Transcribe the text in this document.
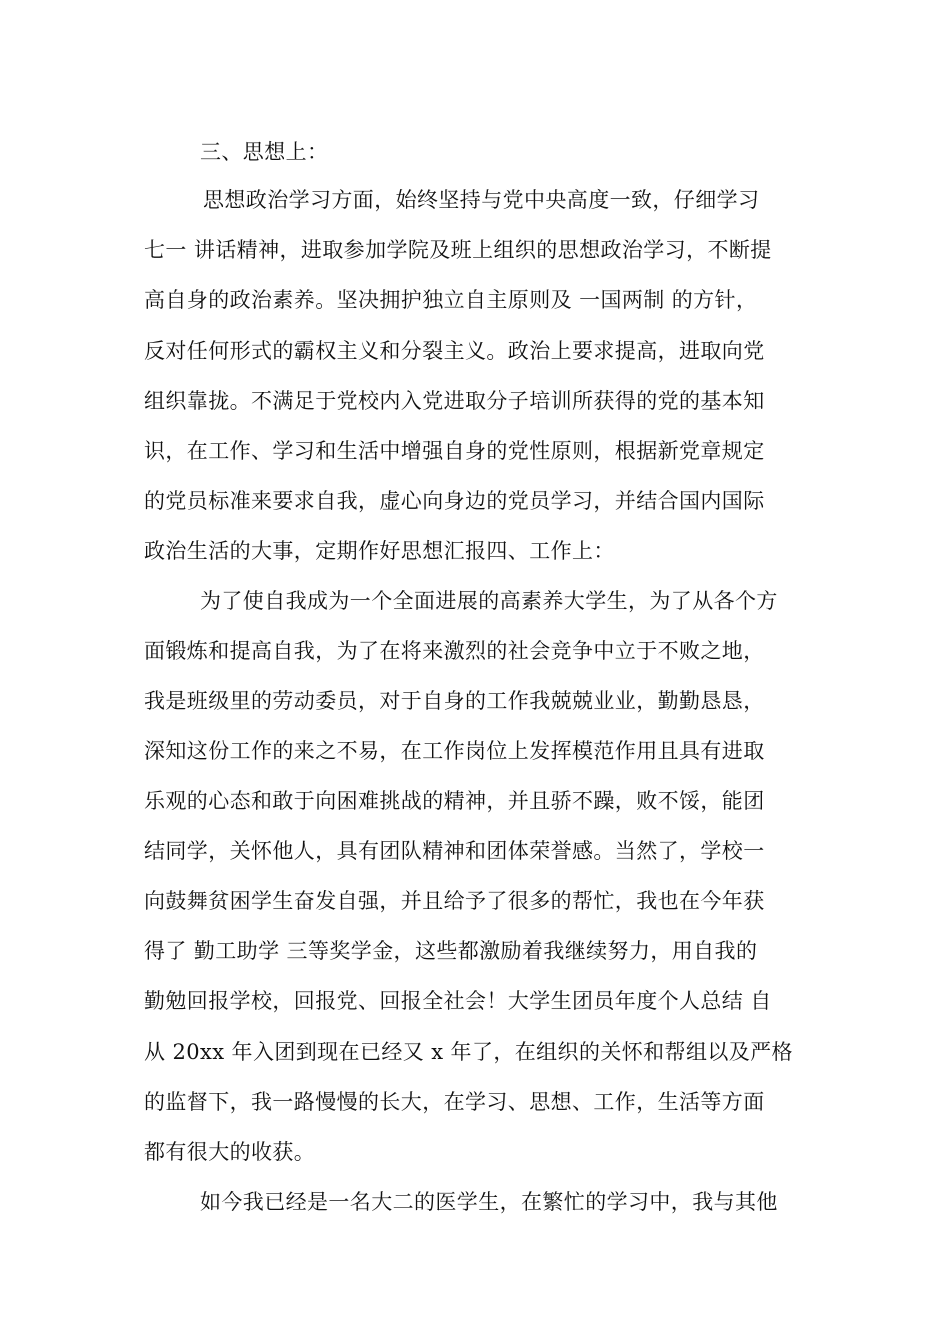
三、思想上：
思想政治学习方面，始终坚持与党中央高度一致，仔细学习
七一 讲话精神，进取参加学院及班上组织的思想政治学习，不断提
高自身的政治素养。坚决拥护独立自主原则及 一国两制 的方针，
反对任何形式的霸权主义和分裂主义。政治上要求提高，进取向党
组织靠拢。不满足于党校内入党进取分子培训所获得的党的基本知
识，在工作、学习和生活中增强自身的党性原则，根据新党章规定
的党员标准来要求自我，虚心向身边的党员学习，并结合国内国际
政治生活的大事，定期作好思想汇报四、工作上：
为了使自我成为一个全面进展的高素养大学生，为了从各个方
面锻炼和提高自我，为了在将来激烈的社会竞争中立于不败之地，
我是班级里的劳动委员，对于自身的工作我兢兢业业，勤勤恳恳，
深知这份工作的来之不易，在工作岗位上发挥模范作用且具有进取
乐观的心态和敢于向困难挑战的精神，并且骄不躁，败不馁，能团
结同学，关怀他人，具有团队精神和团体荣誉感。当然了，学校一
向鼓舞贫困学生奋发自强，并且给予了很多的帮忙，我也在今年获
得了 勤工助学 三等奖学金，这些都激励着我继续努力，用自我的
勤勉回报学校，回报党、回报全社会！大学生团员年度个人总结 自
从 20xx 年入团到现在已经又 x 年了，在组织的关怀和帮组以及严格
的监督下，我一路慢慢的长大，在学习、思想、工作，生活等方面
都有很大的收获。
如今我已经是一名大二的医学生，在繁忙的学习中，我与其他
